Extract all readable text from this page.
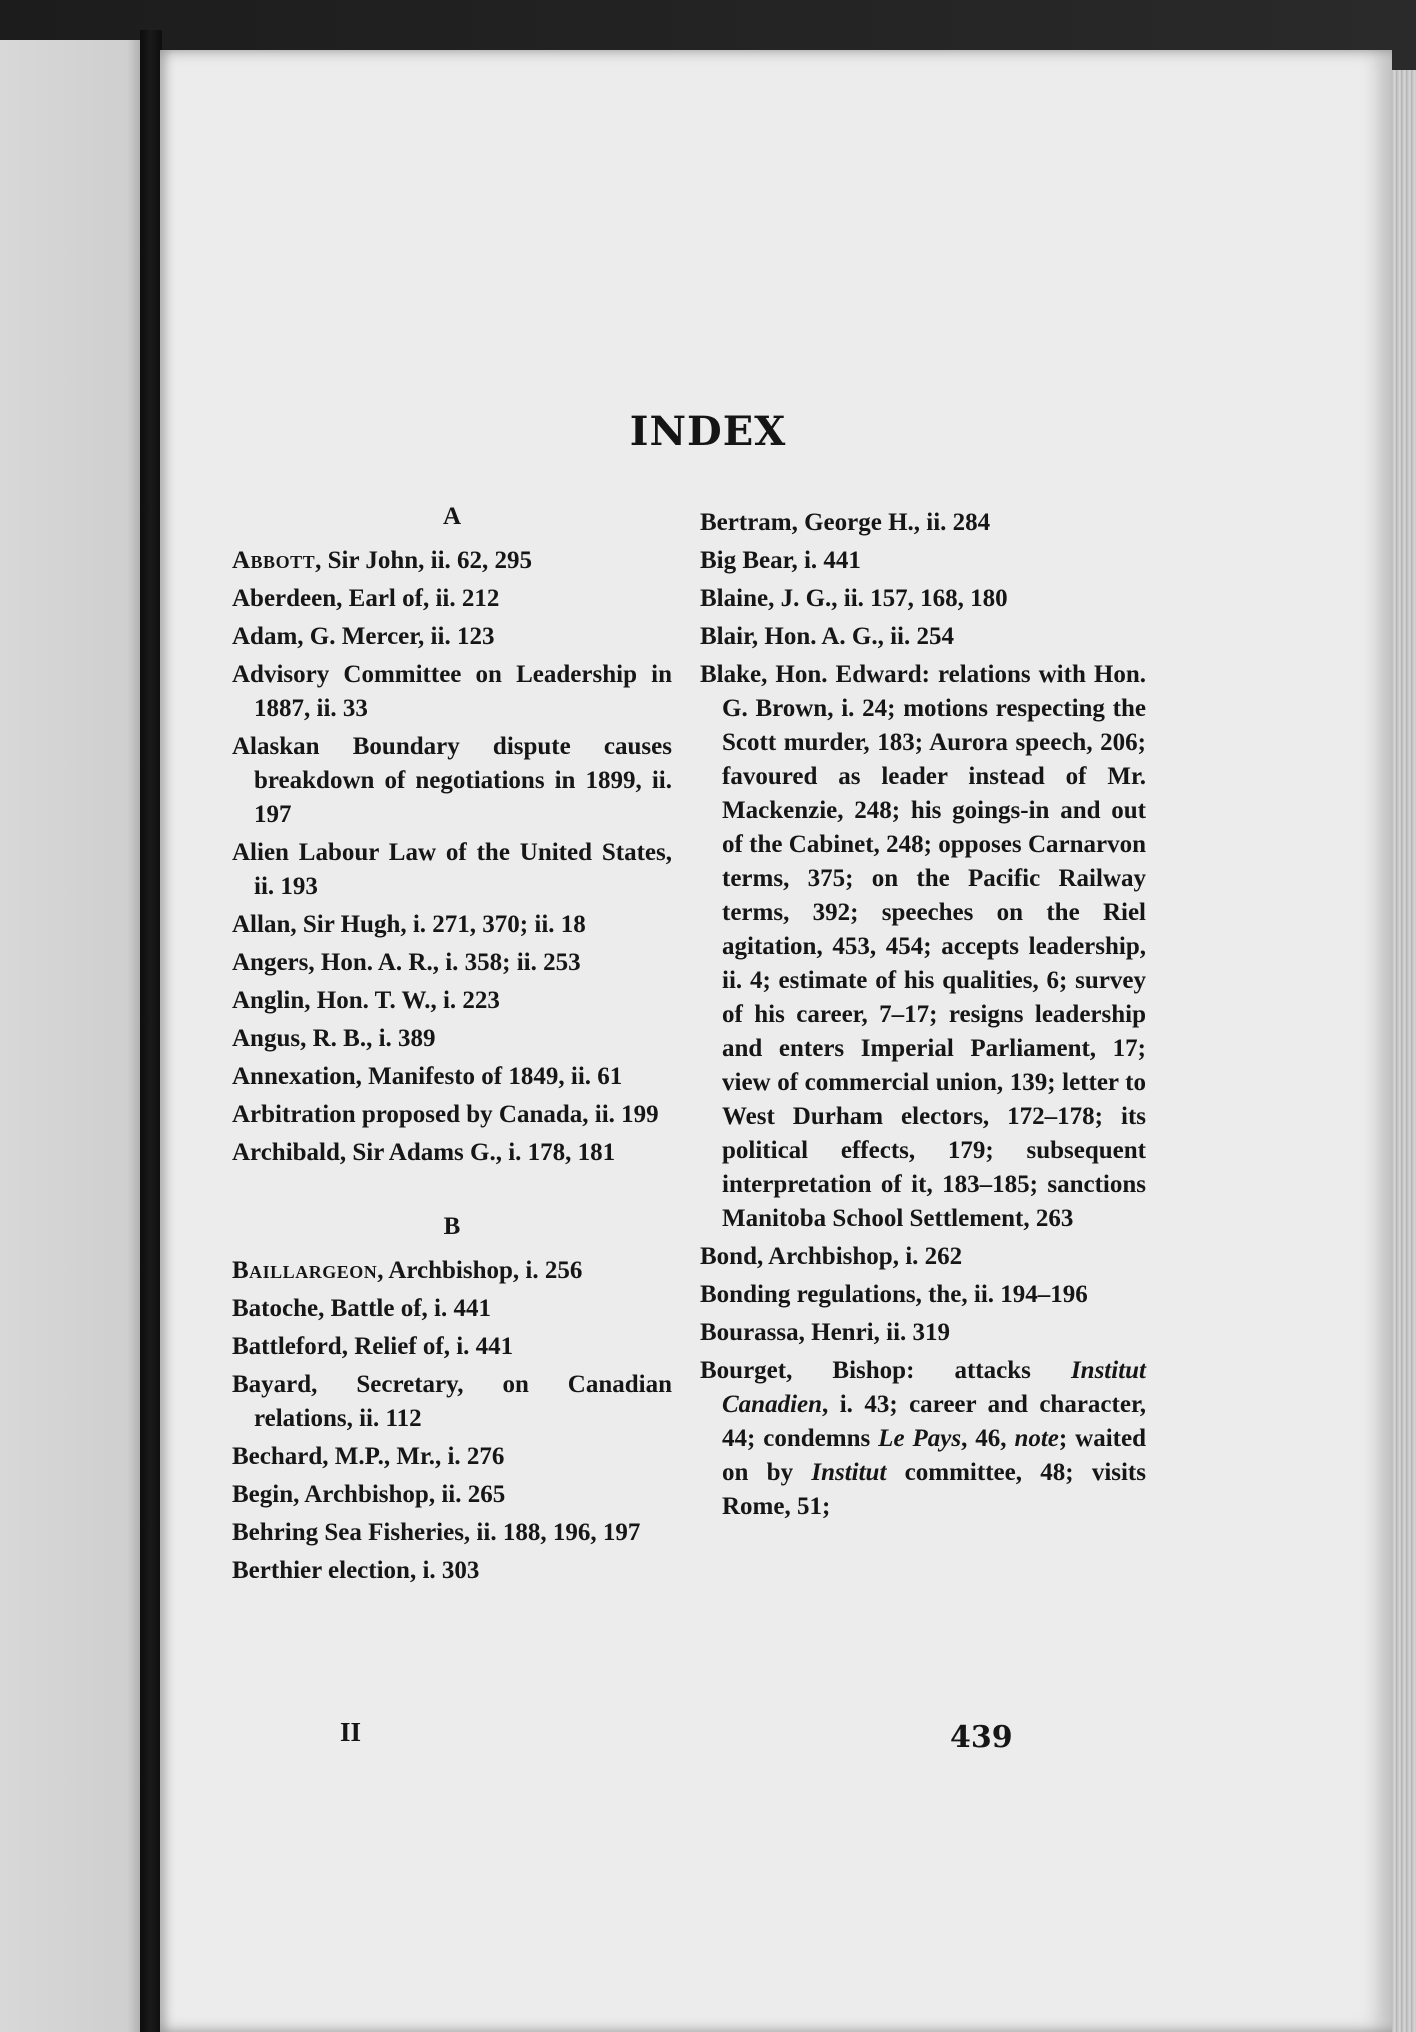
INDEX
A

Abbott, Sir John, ii. 62, 295

Aberdeen, Earl of, ii. 212

Adam, G. Mercer, ii. 123

Advisory Committee on Leadership in 1887, ii. 33

Alaskan Boundary dispute causes breakdown of negotiations in 1899, ii. 197

Alien Labour Law of the United States, ii. 193

Allan, Sir Hugh, i. 271, 370; ii. 18

Angers, Hon. A. R., i. 358; ii. 253

Anglin, Hon. T. W., i. 223

Angus, R. B., i. 389

Annexation, Manifesto of 1849, ii. 61

Arbitration proposed by Canada, ii. 199

Archibald, Sir Adams G., i. 178, 181

B

Baillargeon, Archbishop, i. 256

Batoche, Battle of, i. 441

Battleford, Relief of, i. 441

Bayard, Secretary, on Canadian relations, ii. 112

Bechard, M.P., Mr., i. 276

Begin, Archbishop, ii. 265

Behring Sea Fisheries, ii. 188, 196, 197

Berthier election, i. 303

Bertram, George H., ii. 284

Big Bear, i. 441

Blaine, J. G., ii. 157, 168, 180

Blair, Hon. A. G., ii. 254

Blake, Hon. Edward: relations with Hon. G. Brown, i. 24; motions respecting the Scott murder, 183; Aurora speech, 206; favoured as leader instead of Mr. Mackenzie, 248; his goings-in and out of the Cabinet, 248; opposes Carnarvon terms, 375; on the Pacific Railway terms, 392; speeches on the Riel agitation, 453, 454; accepts leadership, ii. 4; estimate of his qualities, 6; survey of his career, 7–17; resigns leadership and enters Imperial Parliament, 17; view of commercial union, 139; letter to West Durham electors, 172–178; its political effects, 179; subsequent interpretation of it, 183–185; sanctions Manitoba School Settlement, 263

Bond, Archbishop, i. 262

Bonding regulations, the, ii. 194–196

Bourassa, Henri, ii. 319

Bourget, Bishop: attacks Institut Canadien, i. 43; career and character, 44; condemns Le Pays, 46, note; waited on by Institut committee, 48; visits Rome, 51;

II	439
